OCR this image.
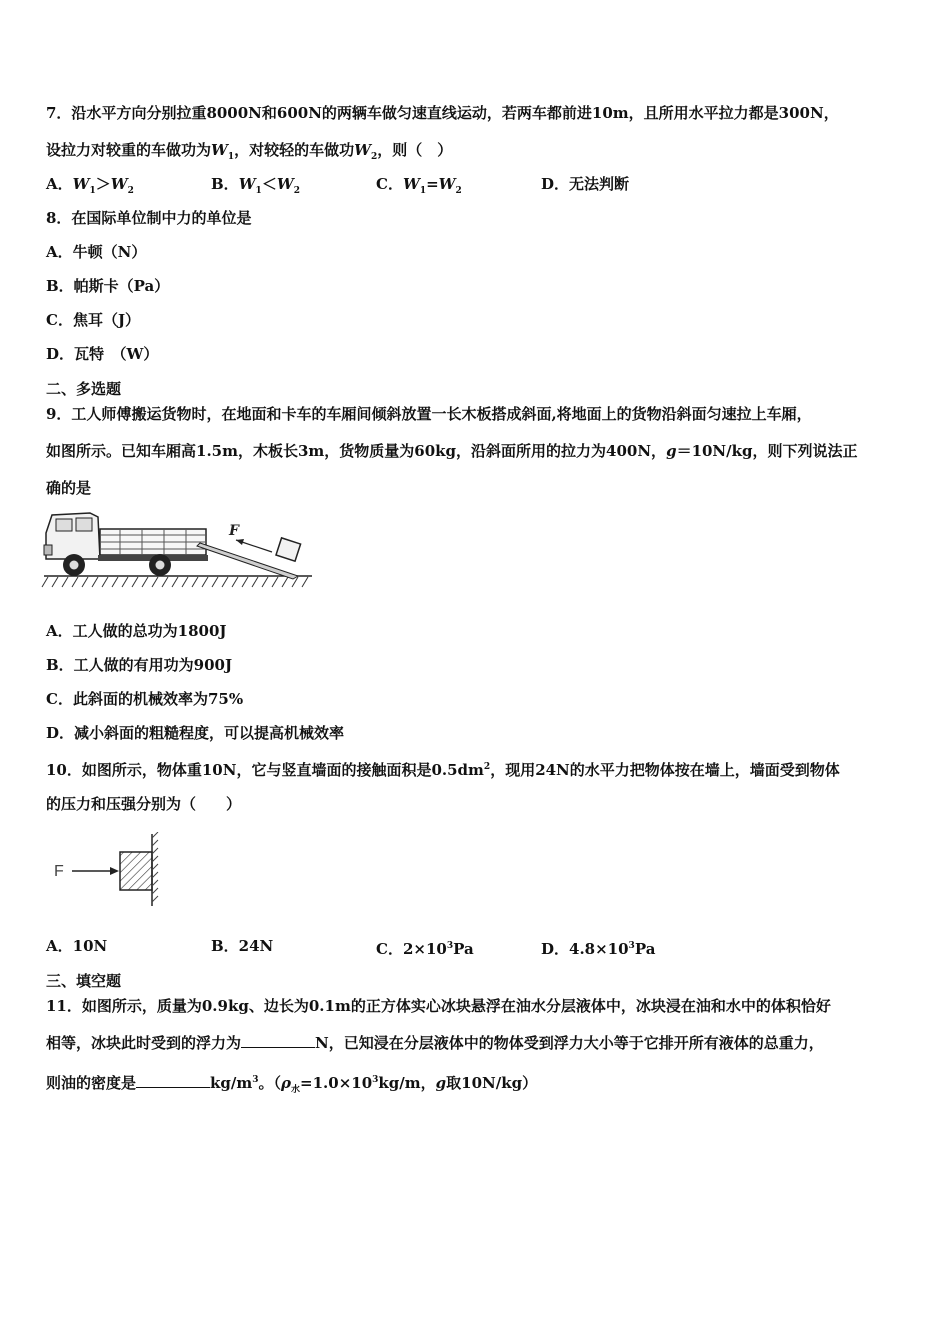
7．沿水平方向分别拉重8000N和600N的两辆车做匀速直线运动，若两车都前进10m，且所用水平拉力都是300N，
设拉力对较重的车做功为$W_1$，对较轻的车做功$W_2$，则（　）
A．$W_1>W_2$	B．$W_1<W_2$	C．$W_1=W_2$	D．无法判断
8．在国际单位制中力的单位是
A．牛顿（N）
B．帕斯卡（Pa）
C．焦耳（J）
D．瓦特　（W）
二、多选题
9．工人师傅搬运货物时，在地面和卡车的车厢间倾斜放置一长木板搭成斜面,将地面上的货物沿斜面匀速拉上车厢，
如图所示。已知车厢高1.5m，木板长3m，货物质量为60kg，沿斜面所用的拉力为400N，g＝10N/kg，则下列说法正
确的是
F
A．工人做的总功为1800J
B．工人做的有用功为900J
C．此斜面的机械效率为75%
D．减小斜面的粗糙程度，可以提高机械效率
10．如图所示，物体重10N，它与竖直墙面的接触面积是$0.5dm^2$，现用24N的水平力把物体按在墙上，墙面受到物体
的压力和压强分别为（　　）
F
A．10N	B．24N	C．$2\times 10^3Pa$	D．$4.8\times 10^3Pa$
三、填空题
11．如图所示，质量为0.9kg、边长为0.1m的正方体实心冰块悬浮在油水分层液体中，冰块浸在油和水中的体积恰好
相等，冰块此时受到的浮力为	N，已知浸在分层液体中的物体受到浮力大小等于它排开所有液体的总重力，
则油的密度是	$kg/m^3$。（$\rho_水=1.0\times 10^3kg/m$，g取10N/kg）
